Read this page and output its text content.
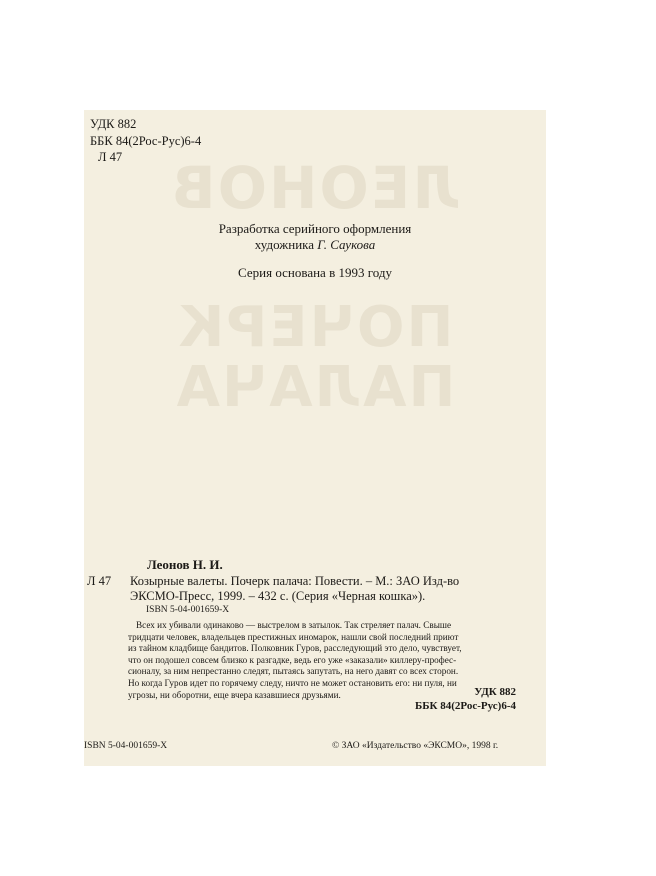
ЛЕОНОВ
ПОЧЕРК
ПАЛАЧА
УДК 882
ББК 84(2Рос-Рус)6-4
Л 47
Разработка серийного оформления
художника Г. Саукова
Серия основана в 1993 году
Леонов Н. И.
Л 47 Козырные валеты. Почерк палача: Повести. – М.: ЗАО Изд-во
ЭКСМО-Пресс, 1999. – 432 с. (Серия «Черная кошка»).
ISBN 5-04-001659-X
Всех их убивали одинаково — выстрелом в затылок. Так стреляет палач. Свыше
тридцати человек, владельцев престижных иномарок, нашли свой последний приют
из тайном кладбище бандитов. Полковник Гуров, расследующий это дело, чувствует,
что он подошел совсем близко к разгадке, ведь его уже «заказали» киллеру-профес-
сионалу, за ним непрестанно следят, пытаясь запутать, на него давят со всех сторон.
Но когда Гуров идет по горячему следу, ничто не может остановить его: ни пуля, ни
угрозы, ни оборотни, еще вчера казавшиеся друзьями.	УДК 882
ББК 84(2Рос-Рус)6-4
ISBN 5-04-001659-X	© ЗАО «Издательство «ЭКСМО», 1998 г.
